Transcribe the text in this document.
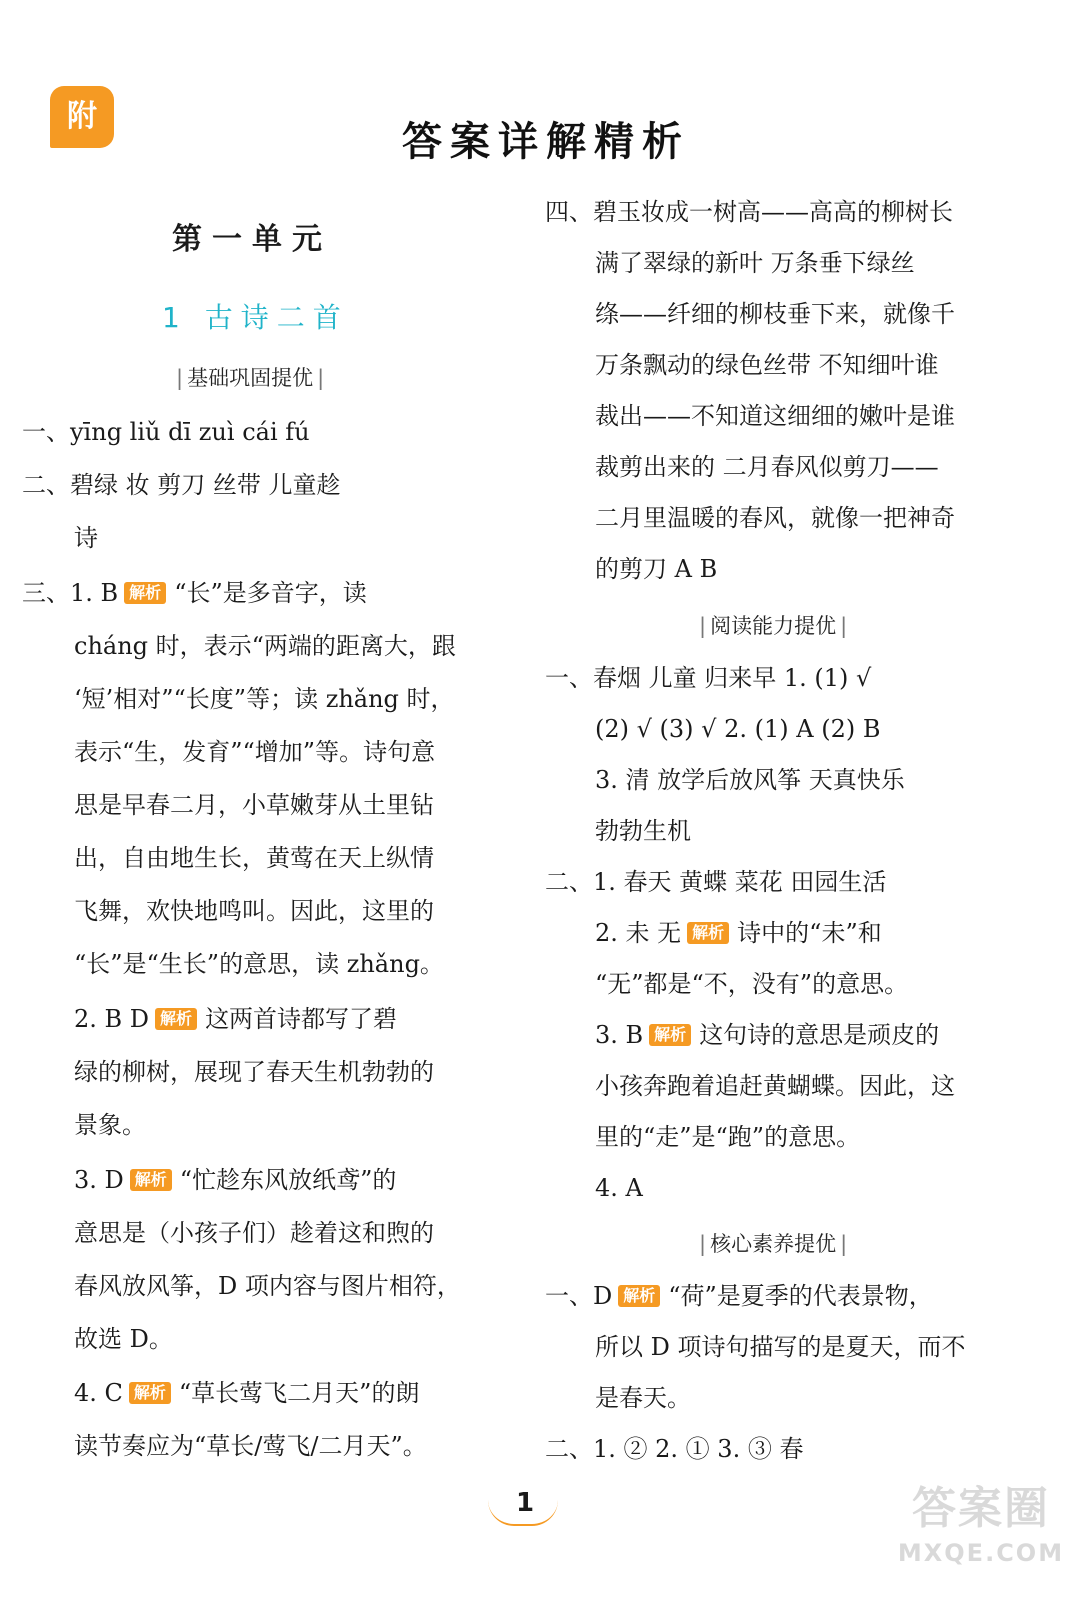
附
答案详解精析
第一单元
1 古诗二首
| 基础巩固提优 |
一、yīng liǔ dī zuì cái fú
二、碧绿 妆 剪刀 丝带 儿童趁
诗
三、1. B 解析 “长”是多音字，读
cháng 时，表示“两端的距离大，跟
‘短’相对”“长度”等；读 zhǎng 时，
表示“生，发育”“增加”等。诗句意
思是早春二月，小草嫩芽从土里钻
出，自由地生长，黄莺在天上纵情
飞舞，欢快地鸣叫。因此，这里的
“长”是“生长”的意思，读 zhǎng。
2. B D 解析 这两首诗都写了碧
绿的柳树，展现了春天生机勃勃的
景象。
3. D 解析 “忙趁东风放纸鸢”的
意思是（小孩子们）趁着这和煦的
春风放风筝，D 项内容与图片相符，
故选 D。
4. C 解析 “草长莺飞二月天”的朗
读节奏应为“草长/莺飞/二月天”。
四、碧玉妆成一树高——高高的柳树长
满了翠绿的新叶 万条垂下绿丝
绦——纤细的柳枝垂下来，就像千
万条飘动的绿色丝带 不知细叶谁
裁出——不知道这细细的嫩叶是谁
裁剪出来的 二月春风似剪刀——
二月里温暖的春风，就像一把神奇
的剪刀 A B
| 阅读能力提优 |
一、春烟 儿童 归来早 1. (1) √
(2) √ (3) √ 2. (1) A (2) B
3. 清 放学后放风筝 天真快乐
勃勃生机
二、1. 春天 黄蝶 菜花 田园生活
2. 未 无 解析 诗中的“未”和
“无”都是“不，没有”的意思。
3. B 解析 这句诗的意思是顽皮的
小孩奔跑着追赶黄蝴蝶。因此，这
里的“走”是“跑”的意思。
4. A
| 核心素养提优 |
一、D 解析 “荷”是夏季的代表景物，
所以 D 项诗句描写的是夏天，而不
是春天。
二、1. ② 2. ① 3. ③ 春
1	答案圈
MXQE.COM
